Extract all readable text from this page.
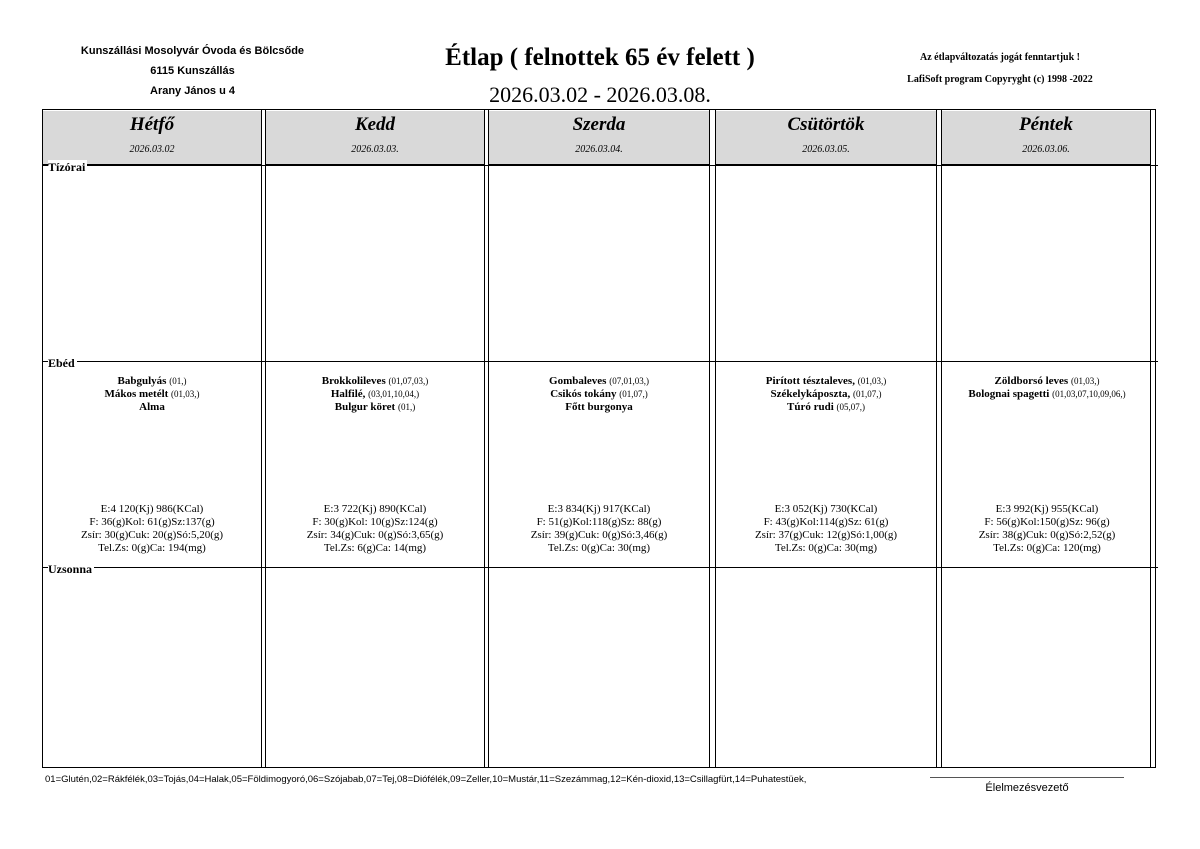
Kunszállási Mosolyvár Óvoda és Bölcsőde
6115 Kunszállás
Arany János u 4
Étlap ( felnottek 65 év felett )
2026.03.02 - 2026.03.08.
Az étlapváltozatás jogát fenntartjuk !
LafiSoft program Copyryght (c) 1998 -2022
Hétfő
2026.03.02
Kedd
2026.03.03.
Szerda
2026.03.04.
Csütörtök
2026.03.05.
Péntek
2026.03.06.
Tízórai
Ebéd
Uzsonna
Babgulyás (01,)
Mákos metélt (01,03,)
Alma
E:4 120(Kj) 986(KCal)
F: 36(g)Kol: 61(g)Sz:137(g)
Zsír: 30(g)Cuk: 20(g)Só:5,20(g)
Tel.Zs: 0(g)Ca: 194(mg)
Brokkolileves (01,07,03,)
Halfilé, (03,01,10,04,)
Bulgur köret (01,)
E:3 722(Kj) 890(KCal)
F: 30(g)Kol: 10(g)Sz:124(g)
Zsír: 34(g)Cuk: 0(g)Só:3,65(g)
Tel.Zs: 6(g)Ca: 14(mg)
Gombaleves (07,01,03,)
Csikós tokány (01,07,)
Főtt burgonya
E:3 834(Kj) 917(KCal)
F: 51(g)Kol:118(g)Sz: 88(g)
Zsír: 39(g)Cuk: 0(g)Só:3,46(g)
Tel.Zs: 0(g)Ca: 30(mg)
Pirított tésztaleves, (01,03,)
Székelykáposzta, (01,07,)
Túró rudi (05,07,)
E:3 052(Kj) 730(KCal)
F: 43(g)Kol:114(g)Sz: 61(g)
Zsír: 37(g)Cuk: 12(g)Só:1,00(g)
Tel.Zs: 0(g)Ca: 30(mg)
Zöldborsó leves (01,03,)
Bolognai spagetti (01,03,07,10,09,06,)
E:3 992(Kj) 955(KCal)
F: 56(g)Kol:150(g)Sz: 96(g)
Zsír: 38(g)Cuk: 0(g)Só:2,52(g)
Tel.Zs: 0(g)Ca: 120(mg)
01=Glutén,02=Rákfélék,03=Tojás,04=Halak,05=Földimogyoró,06=Szójabab,07=Tej,08=Diófélék,09=Zeller,10=Mustár,11=Szezámmag,12=Kén-dioxid,13=Csillagfürt,14=Puhatestüek,
Élelmezésvezető
